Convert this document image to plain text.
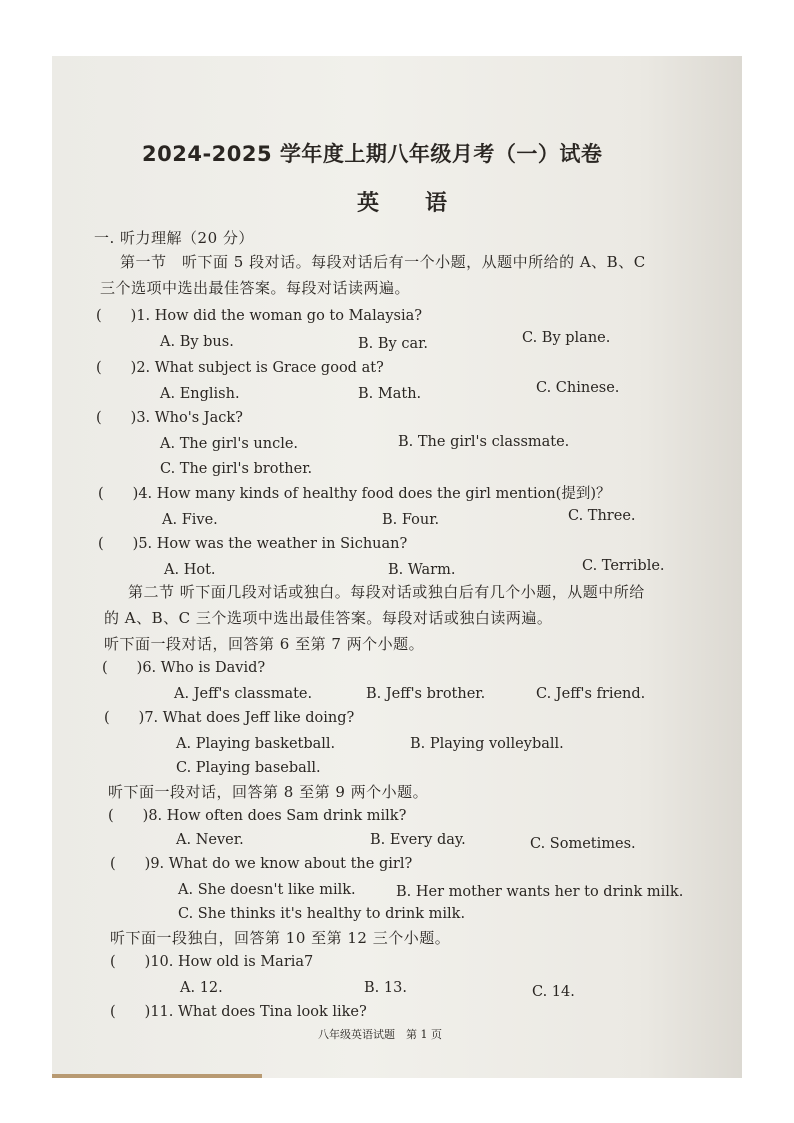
2024-2025 学年度上期八年级月考（一）试卷
英　语
一. 听力理解（20 分）
第一节　听下面 5 段对话。每段对话后有一个小题，从题中所给的 A、B、C
三个选项中选出最佳答案。每段对话读两遍。
(　　)1. How did the woman go to Malaysia?
A. By bus.	B. By car.	C. By plane.
(　　)2. What subject is Grace good at?
A. English.	B. Math.	C. Chinese.
(　　)3. Who's Jack?
A. The girl's uncle.	B. The girl's classmate.
C. The girl's brother.
(　　)4. How many kinds of healthy food does the girl mention(提到)？
A. Five.	B. Four.	C. Three.
(　　)5. How was the weather in Sichuan?
A. Hot.	B. Warm.	C. Terrible.
第二节 听下面几段对话或独白。每段对话或独白后有几个小题，从题中所给
的 A、B、C 三个选项中选出最佳答案。每段对话或独白读两遍。
听下面一段对话，回答第 6 至第 7 两个小题。
(　　)6. Who is David?
A. Jeff's classmate.	B. Jeff's brother.	C. Jeff's friend.
(　　)7. What does Jeff like doing?
A. Playing basketball.	B. Playing volleyball.
C. Playing baseball.
听下面一段对话，回答第 8 至第 9 两个小题。
(　　)8. How often does Sam drink milk?
A. Never.	B. Every day.	C. Sometimes.
(　　)9. What do we know about the girl?
A. She doesn't like milk.	B. Her mother wants her to drink milk.
C. She thinks it's healthy to drink milk.
听下面一段独白，回答第 10 至第 12 三个小题。
(　　)10. How old is Maria7
A. 12.	B. 13.	C. 14.
(　　)11. What does Tina look like?
八年级英语试题　第 1 页
